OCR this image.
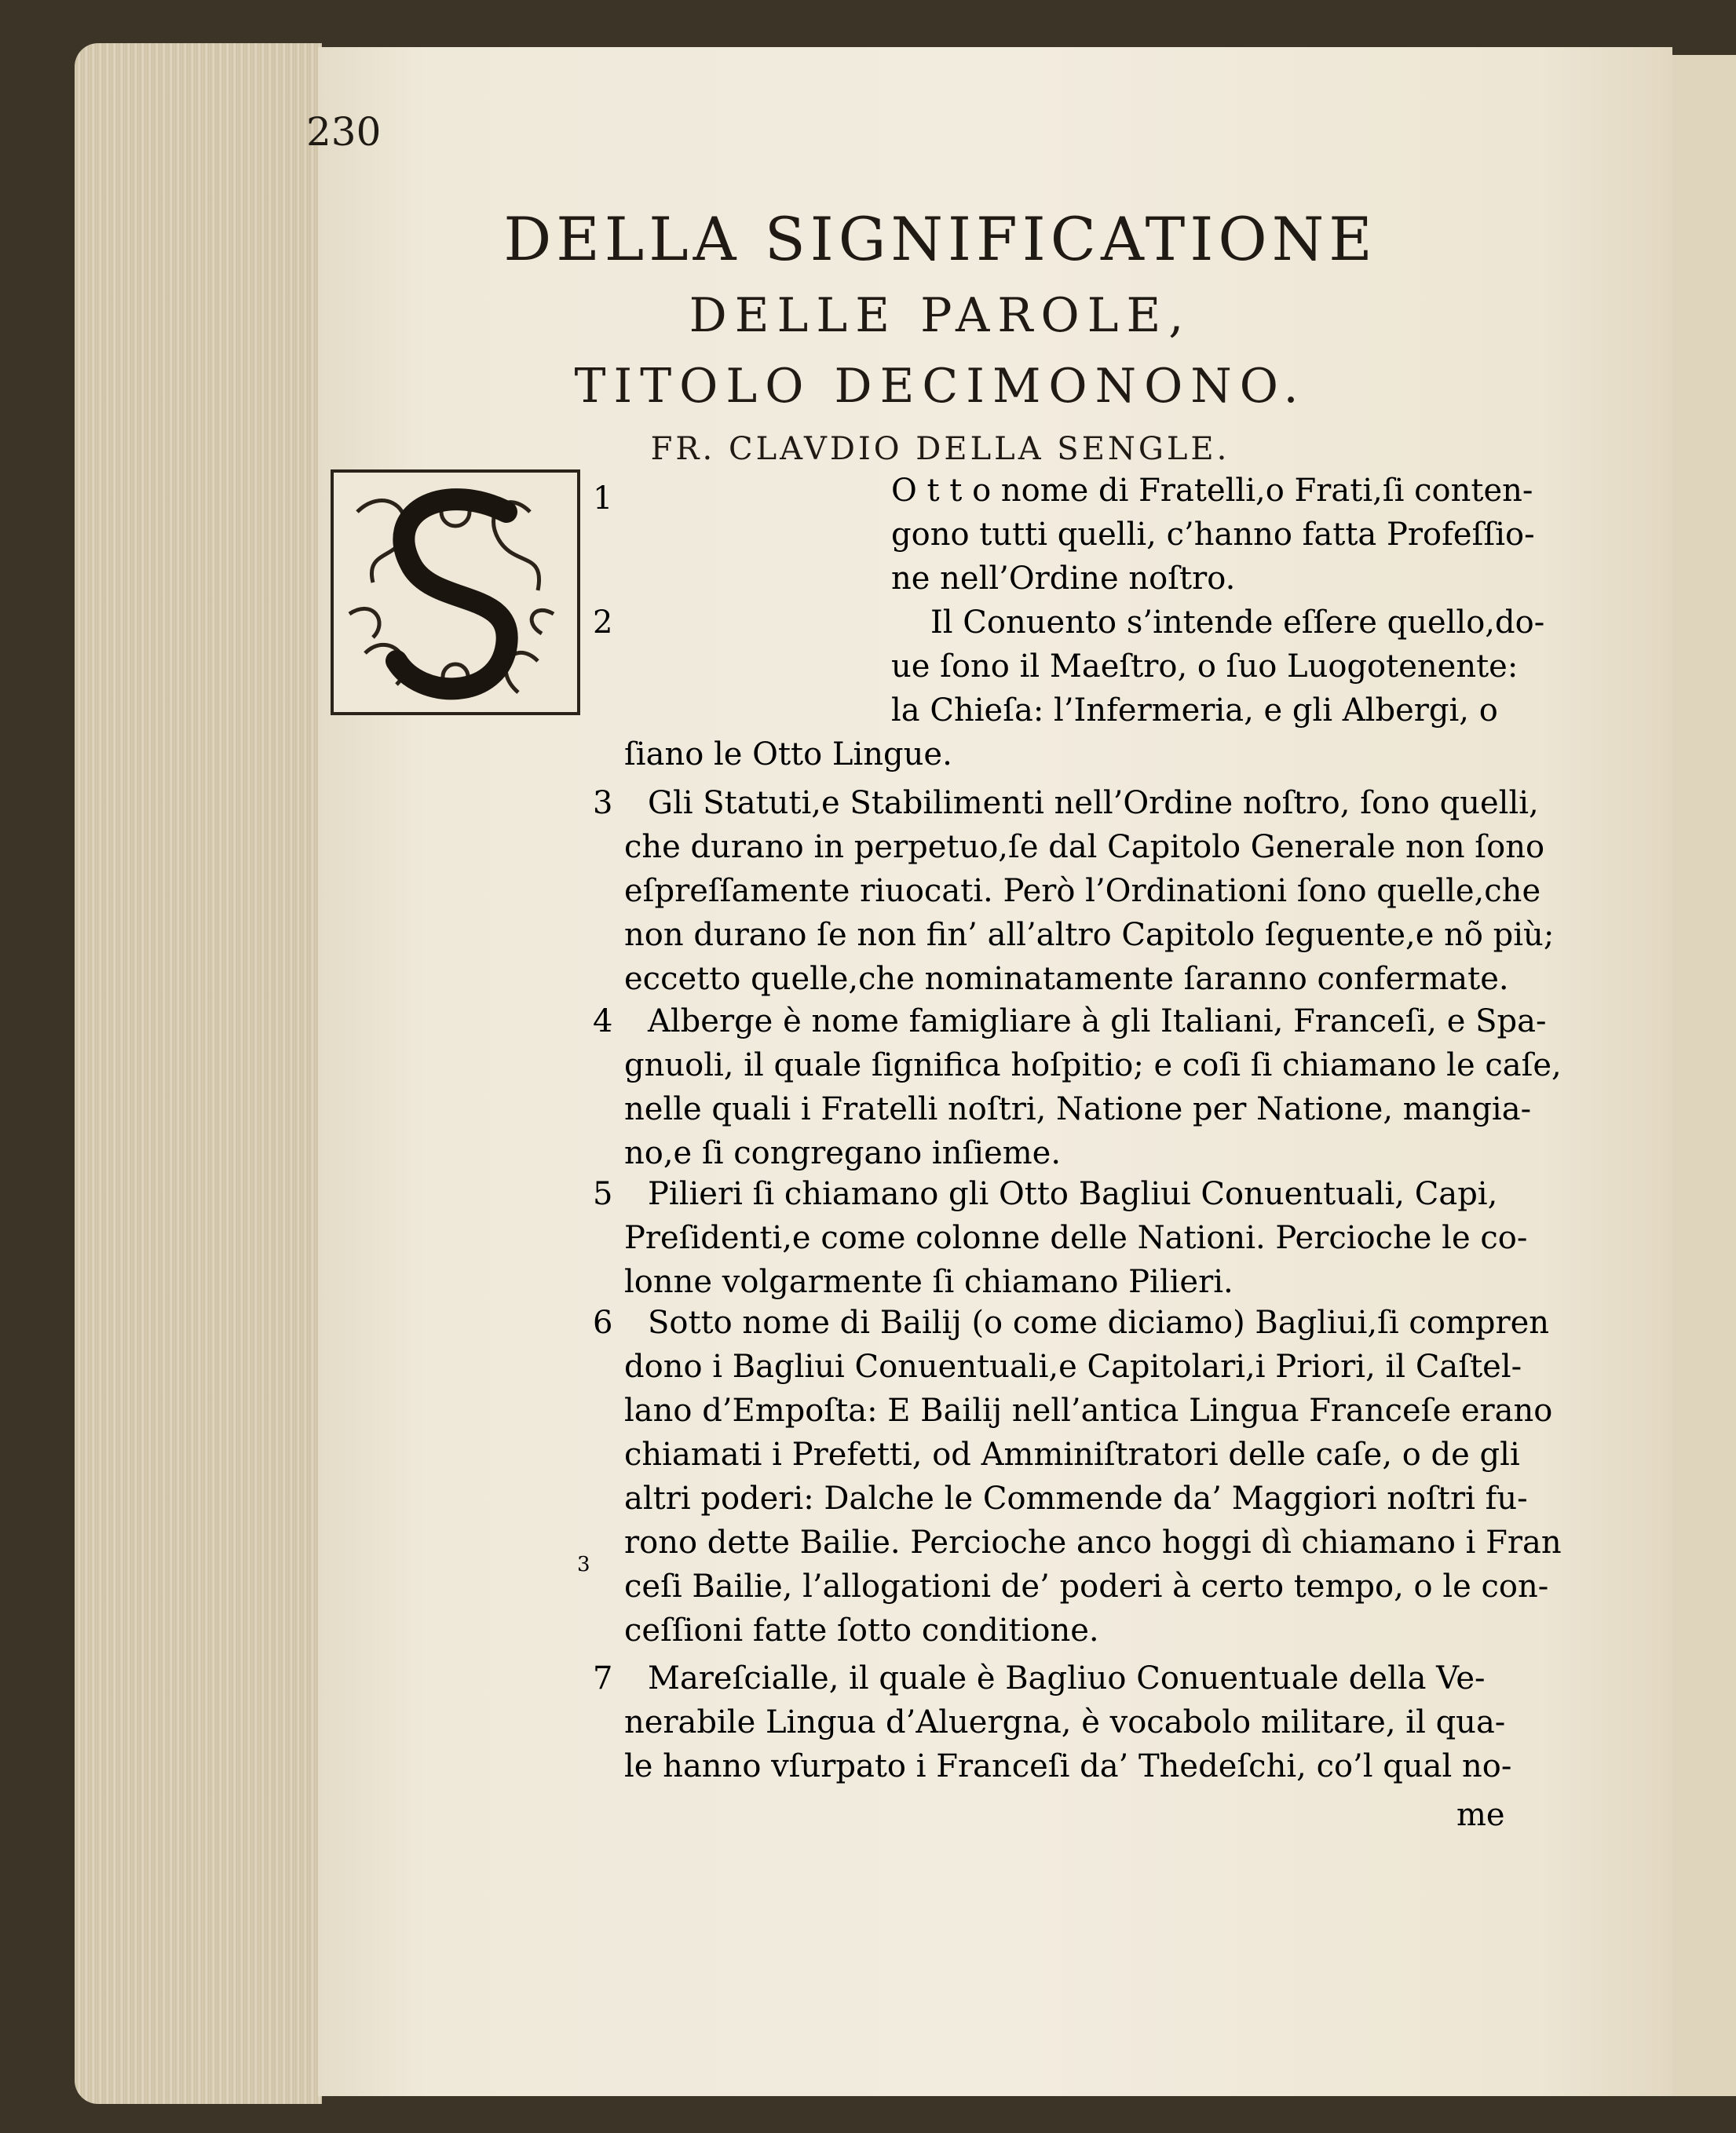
230
DELLA SIGNIFICATIONE
DELLE PAROLE,
TITOLO DECIMONONO.
FR. CLAVDIO DELLA SENGLE.
1
2
3
4
5
6
3
7
O t t o nome di Fratelli,o Frati,ſi conten-
gono tutti quelli, c’hanno fatta Profeſſio-
ne nell’Ordine noſtro.
Il Conuento s’intende eſſere quello,do-
ue ſono il Maeſtro, o ſuo Luogotenente:
la Chieſa: l’Infermeria, e gli Albergi, o
ſiano le Otto Lingue.
Gli Statuti,e Stabilimenti nell’Ordine noſtro, ſono quelli,
che durano in perpetuo,ſe dal Capitolo Generale non ſono
eſpreſſamente riuocati. Però l’Ordinationi ſono quelle,che
non durano ſe non fin’ all’altro Capitolo ſeguente,e nõ più;
eccetto quelle,che nominatamente ſaranno confermate.
Alberge è nome famigliare à gli Italiani, Franceſi, e Spa-
gnuoli, il quale ſignifica hoſpitio; e coſi ſi chiamano le caſe,
nelle quali i Fratelli noſtri, Natione per Natione, mangia-
no,e ſi congregano inſieme.
Pilieri ſi chiamano gli Otto Bagliui Conuentuali, Capi,
Preſidenti,e come colonne delle Nationi. Percioche le co-
lonne volgarmente ſi chiamano Pilieri.
Sotto nome di Bailij (o come diciamo) Bagliui,ſi compren
dono i Bagliui Conuentuali,e Capitolari,i Priori, il Caſtel-
lano d’Empoſta: E Bailij nell’antica Lingua Franceſe erano
chiamati i Prefetti, od Amminiſtratori delle caſe, o de gli
altri poderi: Dalche le Commende da’ Maggiori noſtri fu-
rono dette Bailie. Percioche anco hoggi dì chiamano i Fran
ceſi Bailie, l’allogationi de’ poderi à certo tempo, o le con-
ceſſioni fatte ſotto conditione.
Mareſcialle, il quale è Bagliuo Conuentuale della Ve-
nerabile Lingua d’Aluergna, è vocabolo militare, il qua-
le hanno vſurpato i Franceſi da’ Thedeſchi, co’l qual no-
me
